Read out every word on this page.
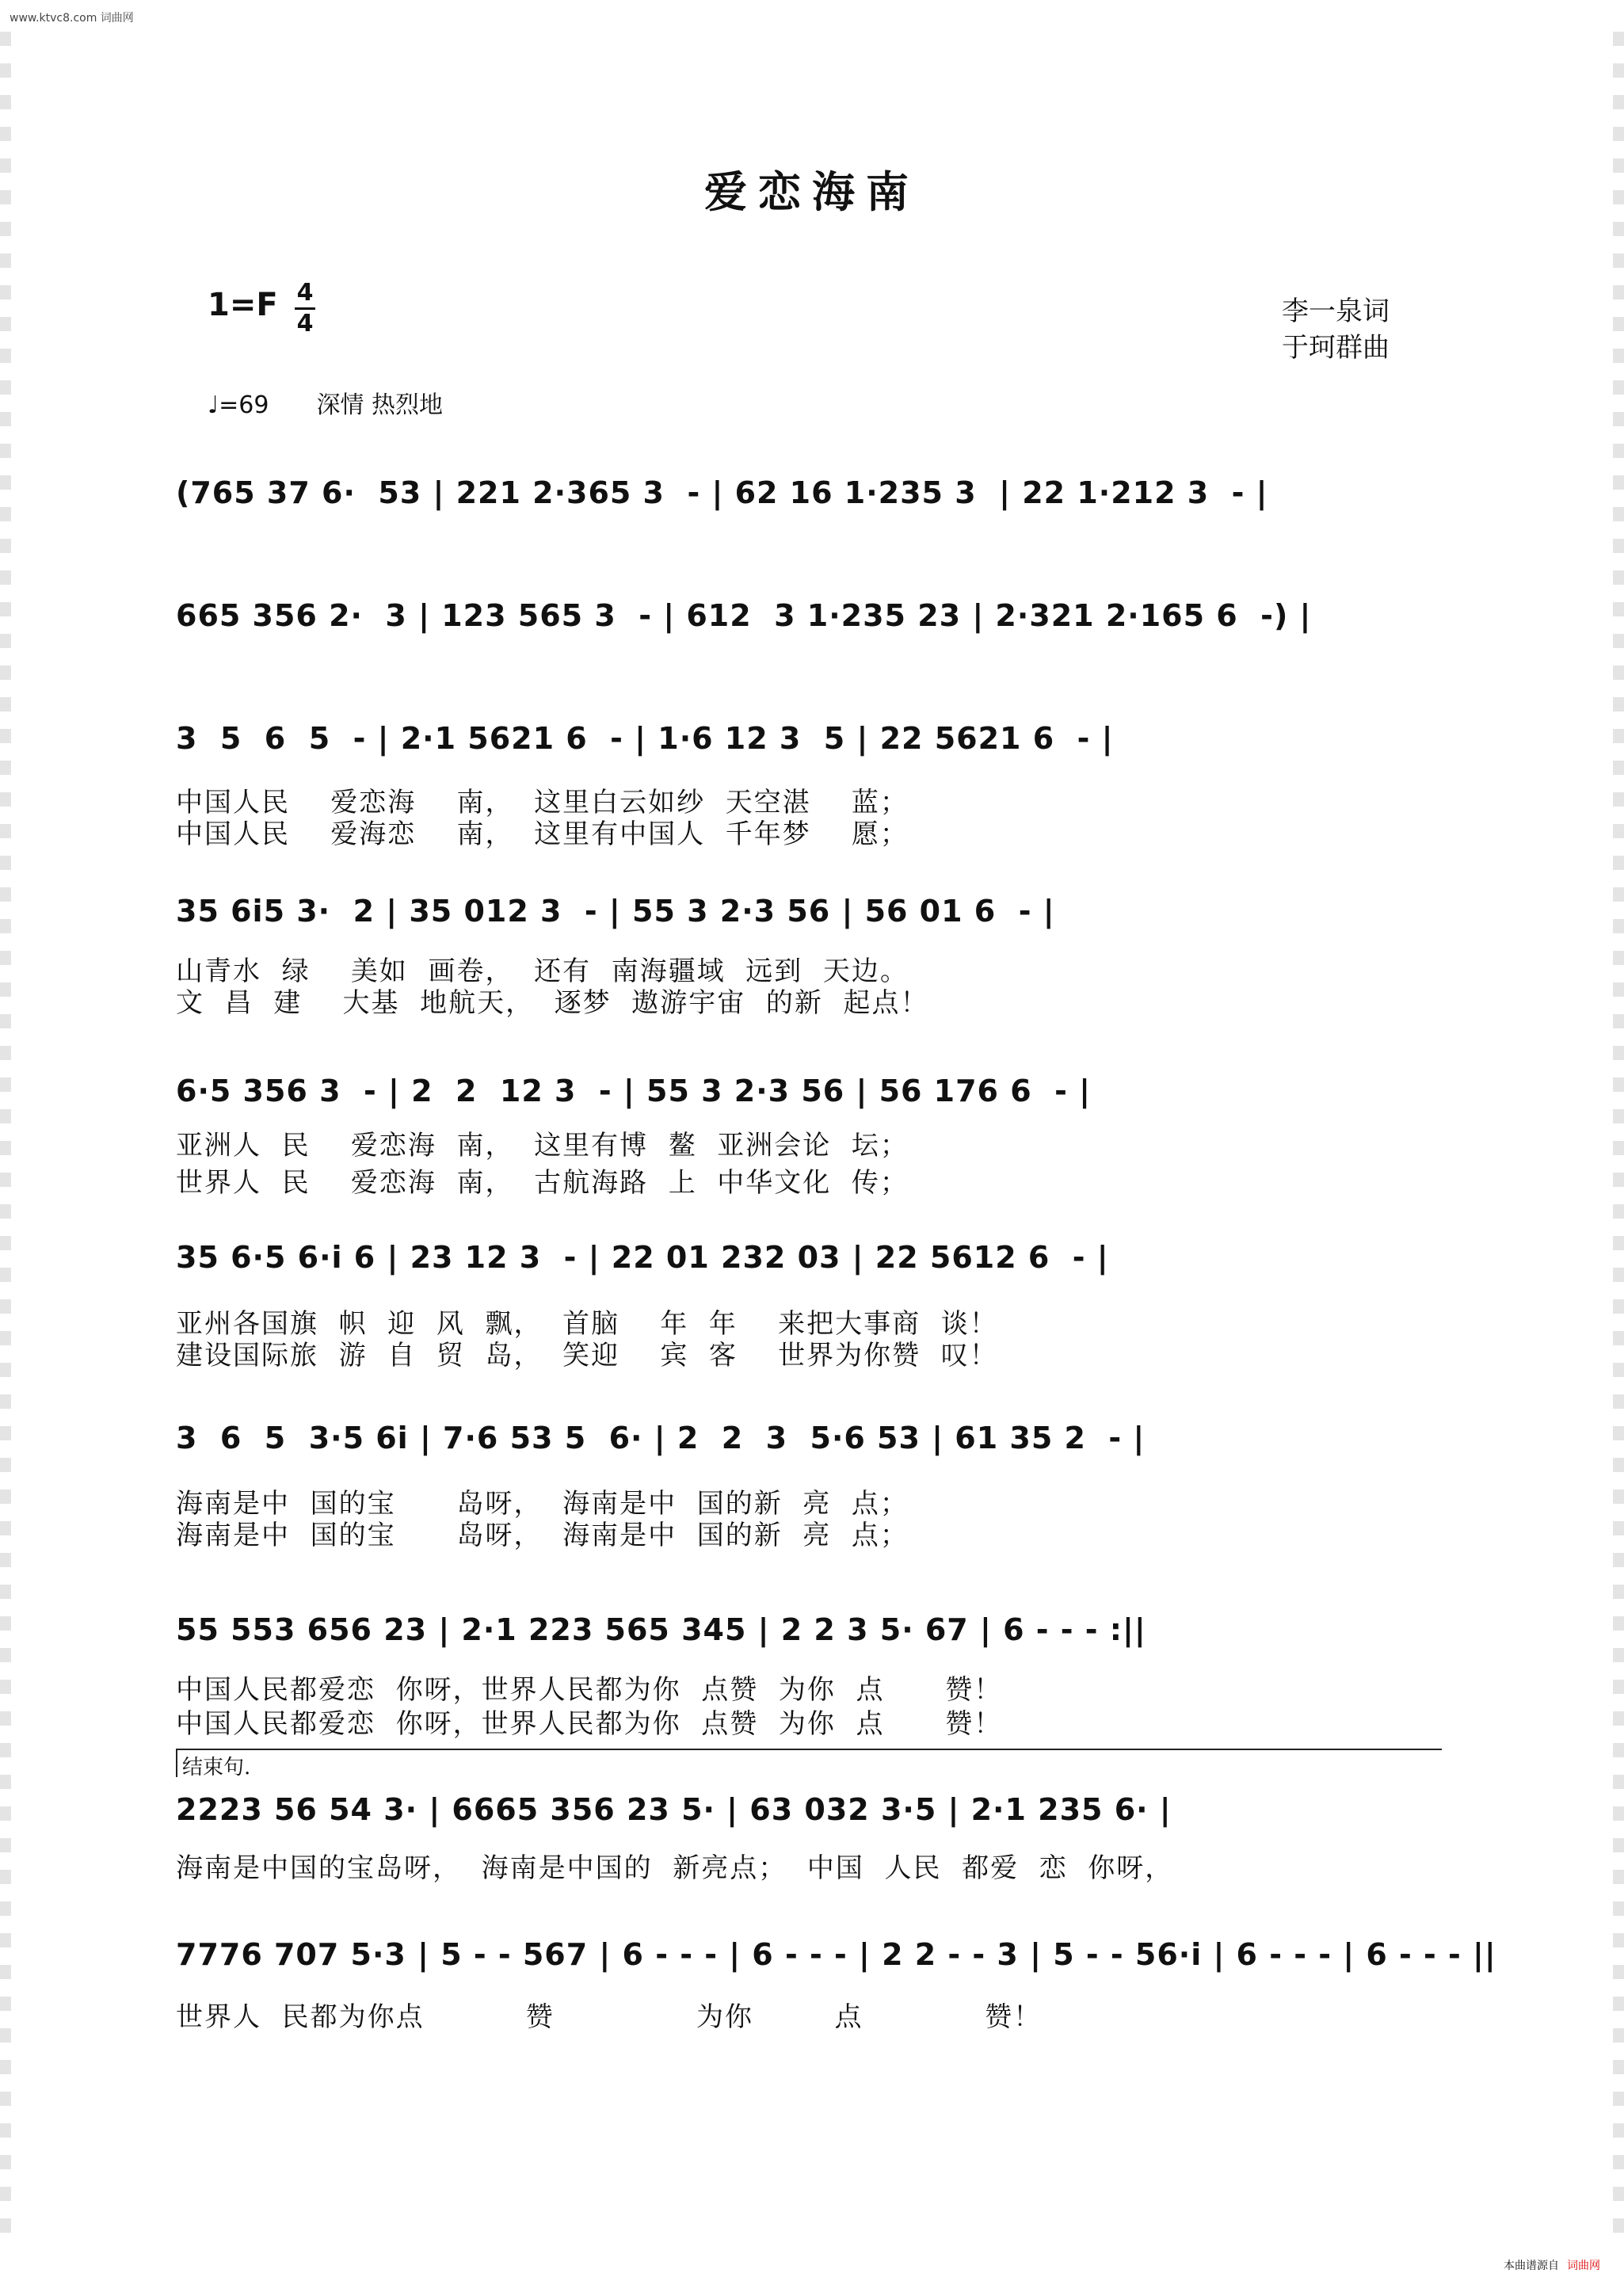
www.ktvc8.com 词曲网
爱恋海南
1=F 4
4	李一泉词
于珂群曲
♩=69 深情 热烈地
(765 37 6·  53 | 221 2·365 3  - | 62 16 1·235 3  | 22 1·212 3  - |
665 356 2·  3 | 123 565 3  - | 612  3 1·235 23 | 2·321 2·165 6  -) |
3  5  6  5  - | 2·1 5621 6  - | 1·6 12 3  5 | 22 5621 6  - |
中国人民    爱恋海    南，  这里白云如纱  天空湛    蓝；
中国人民    爱海恋    南，  这里有中国人  千年梦    愿；
35 6i5 3·  2 | 35 012 3  - | 55 3 2·3 56 | 56 01 6  - |
山青水  绿    美如  画卷，  还有  南海疆域  远到  天边。
文  昌  建    大基  地航天，  逐梦  遨游宇宙  的新  起点！
6·5 356 3  - | 2  2  12 3  - | 55 3 2·3 56 | 56 176 6  - |
亚洲人  民    爱恋海  南，  这里有博  鳌  亚洲会论  坛；
世界人  民    爱恋海  南，  古航海路  上  中华文化  传；
35 6·5 6·i 6 | 23 12 3  - | 22 01 232 03 | 22 5612 6  - |
亚州各国旗  帜  迎  风  飘，  首脑    年  年    来把大事商  谈！
建设国际旅  游  自  贸  岛，  笑迎    宾  客    世界为你赞  叹！
3  6  5  3·5 6i | 7·6 53 5  6· | 2  2  3  5·6 53 | 61 35 2  - |
海南是中  国的宝      岛呀，  海南是中  国的新  亮  点；
海南是中  国的宝      岛呀，  海南是中  国的新  亮  点；
55 553 656 23 | 2·1 223 565 345 | 2 2 3 5· 67 | 6 - - - :||
中国人民都爱恋  你呀，世界人民都为你  点赞  为你  点      赞！
中国人民都爱恋  你呀，世界人民都为你  点赞  为你  点      赞！
结束句.
2223 56 54 3· | 6665 356 23 5· | 63 032 3·5 | 2·1 235 6· |
海南是中国的宝岛呀，  海南是中国的  新亮点；  中国  人民  都爱  恋  你呀，
7776 707 5·3 | 5 - - 567 | 6 - - - | 6 - - - | 2 2 - - 3 | 5 - - 56·i | 6 - - - | 6 - - - ||
世界人  民都为你点          赞              为你        点            赞！
本曲谱源自 词曲网
